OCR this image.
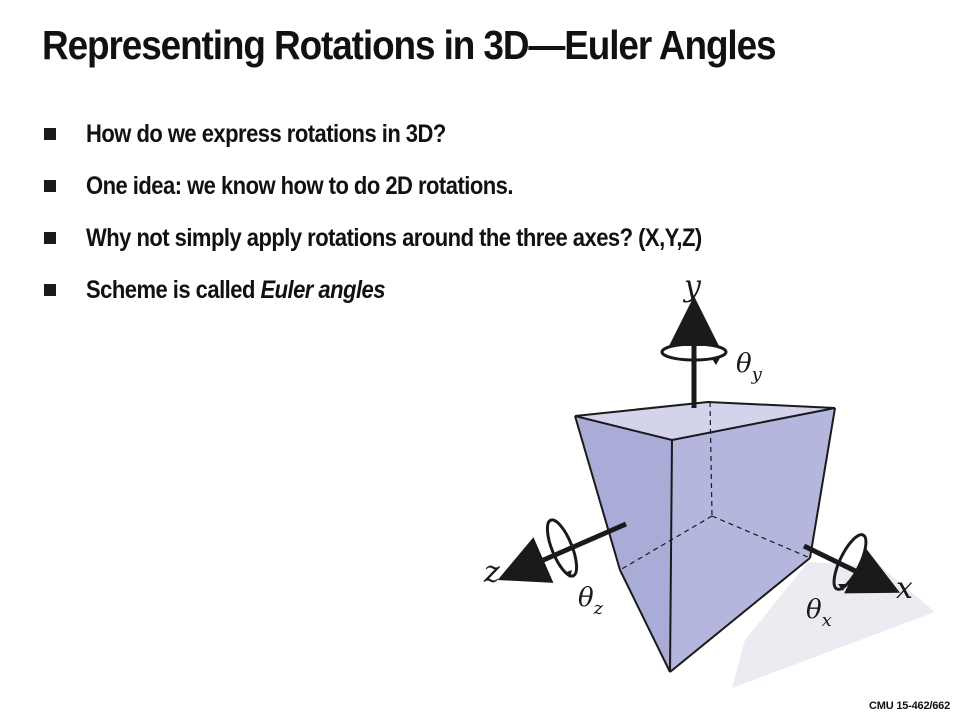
Representing Rotations in 3D—Euler Angles
How do we express rotations in 3D?
One idea: we know how to do 2D rotations.
Why not simply apply rotations around the three axes? (X,Y,Z)
Scheme is called Euler angles	y
$\theta_y$
z
$\theta_z$
x
$\theta_x$
CMU 15-462/662
